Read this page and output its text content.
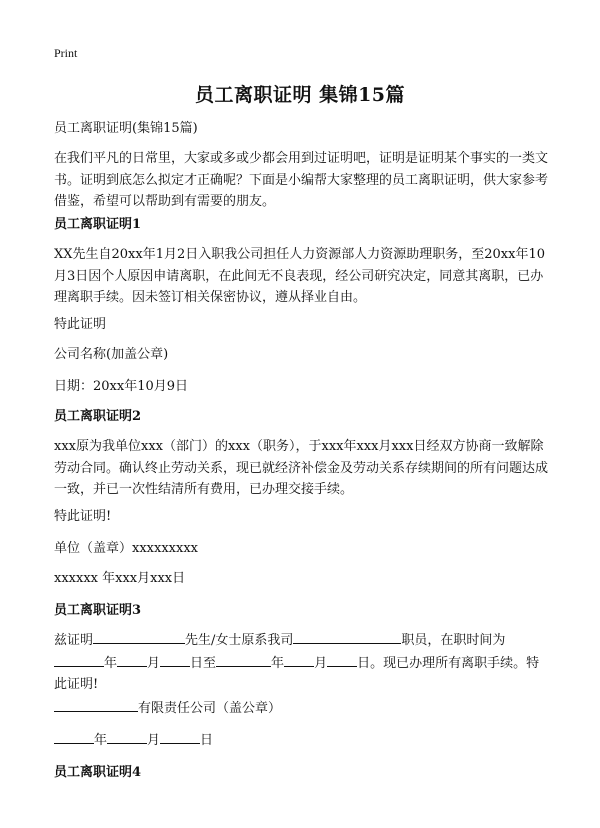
Print
员工离职证明 集锦15篇
员工离职证明(集锦15篇)
在我们平凡的日常里，大家或多或少都会用到过证明吧，证明是证明某个事实的一类文书。证明到底怎么拟定才正确呢？下面是小编帮大家整理的员工离职证明，供大家参考借鉴，希望可以帮助到有需要的朋友。
员工离职证明1
XX先生自20xx年1月2日入职我公司担任人力资源部人力资源助理职务，至20xx年10月3日因个人原因申请离职，在此间无不良表现，经公司研究决定，同意其离职，已办理离职手续。因未签订相关保密协议，遵从择业自由。
特此证明
公司名称(加盖公章)
日期：20xx年10月9日
员工离职证明2
xxx原为我单位xxx（部门）的xxx（职务），于xxx年xxx月xxx日经双方协商一致解除劳动合同。确认终止劳动关系，现已就经济补偿金及劳动关系存续期间的所有问题达成一致，并已一次性结清所有费用，已办理交接手续。
特此证明!
单位（盖章）xxxxxxxxx
xxxxxx 年xxx月xxx日
员工离职证明3
兹证明	先生/女士原系我司	职员，在职时间为年 月 日至	年 月 日。现已办理所有离职手续。特此证明!
有限责任公司（盖公章）
年	月	日
员工离职证明4
